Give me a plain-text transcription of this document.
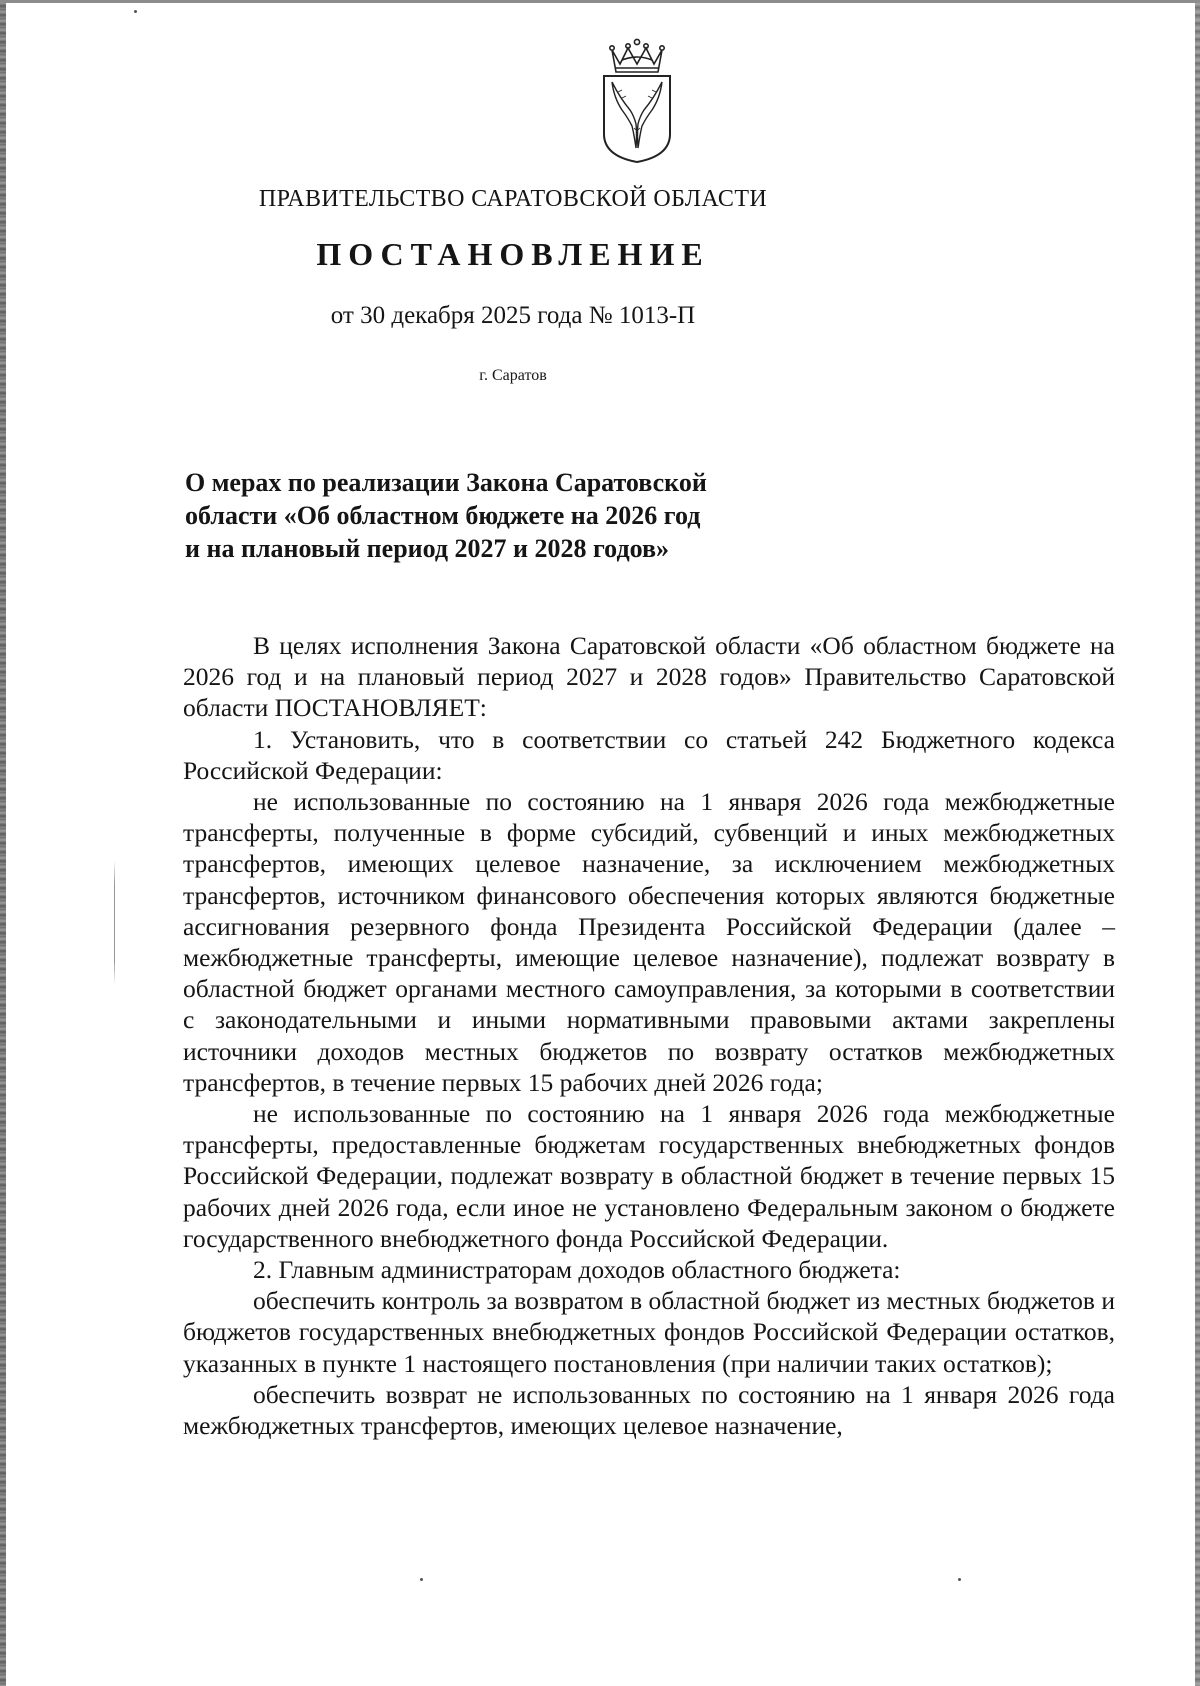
ПРАВИТЕЛЬСТВО САРАТОВСКОЙ ОБЛАСТИ
ПОСТАНОВЛЕНИЕ
от 30 декабря 2025 года № 1013-П
г. Саратов
О мерах по реализации Закона Саратовской
области «Об областном бюджете на 2026 год
и на плановый период 2027 и 2028 годов»

В целях исполнения Закона Саратовской области «Об областном бюджете на 2026 год и на плановый период 2027 и 2028 годов» Правительство Саратовской области ПОСТАНОВЛЯЕТ:

1. Установить, что в соответствии со статьей 242 Бюджетного кодекса Российской Федерации:

не использованные по состоянию на 1 января 2026 года межбюджетные трансферты, полученные в форме субсидий, субвенций и иных межбюджетных трансфертов, имеющих целевое назначение, за исключением межбюджетных трансфертов, источником финансового обеспечения которых являются бюджетные ассигнования резервного фонда Президента Российской Федерации (далее – межбюджетные трансферты, имеющие целевое назначение), подлежат возврату в областной бюджет органами местного самоуправления, за которыми в соответствии с законодательными и иными нормативными правовыми актами закреплены источники доходов местных бюджетов по возврату остатков межбюджетных трансфертов, в течение первых 15 рабочих дней 2026 года;

не использованные по состоянию на 1 января 2026 года межбюджетные трансферты, предоставленные бюджетам государственных внебюджетных фондов Российской Федерации, подлежат возврату в областной бюджет в течение первых 15 рабочих дней 2026 года, если иное не установлено Федеральным законом о бюджете государственного внебюджетного фонда Российской Федерации.

2. Главным администраторам доходов областного бюджета:

обеспечить контроль за возвратом в областной бюджет из местных бюджетов и бюджетов государственных внебюджетных фондов Российской Федерации остатков, указанных в пункте 1 настоящего постановления (при наличии таких остатков);

обеспечить возврат не использованных по состоянию на 1 января 2026 года межбюджетных трансфертов, имеющих целевое назначение,
